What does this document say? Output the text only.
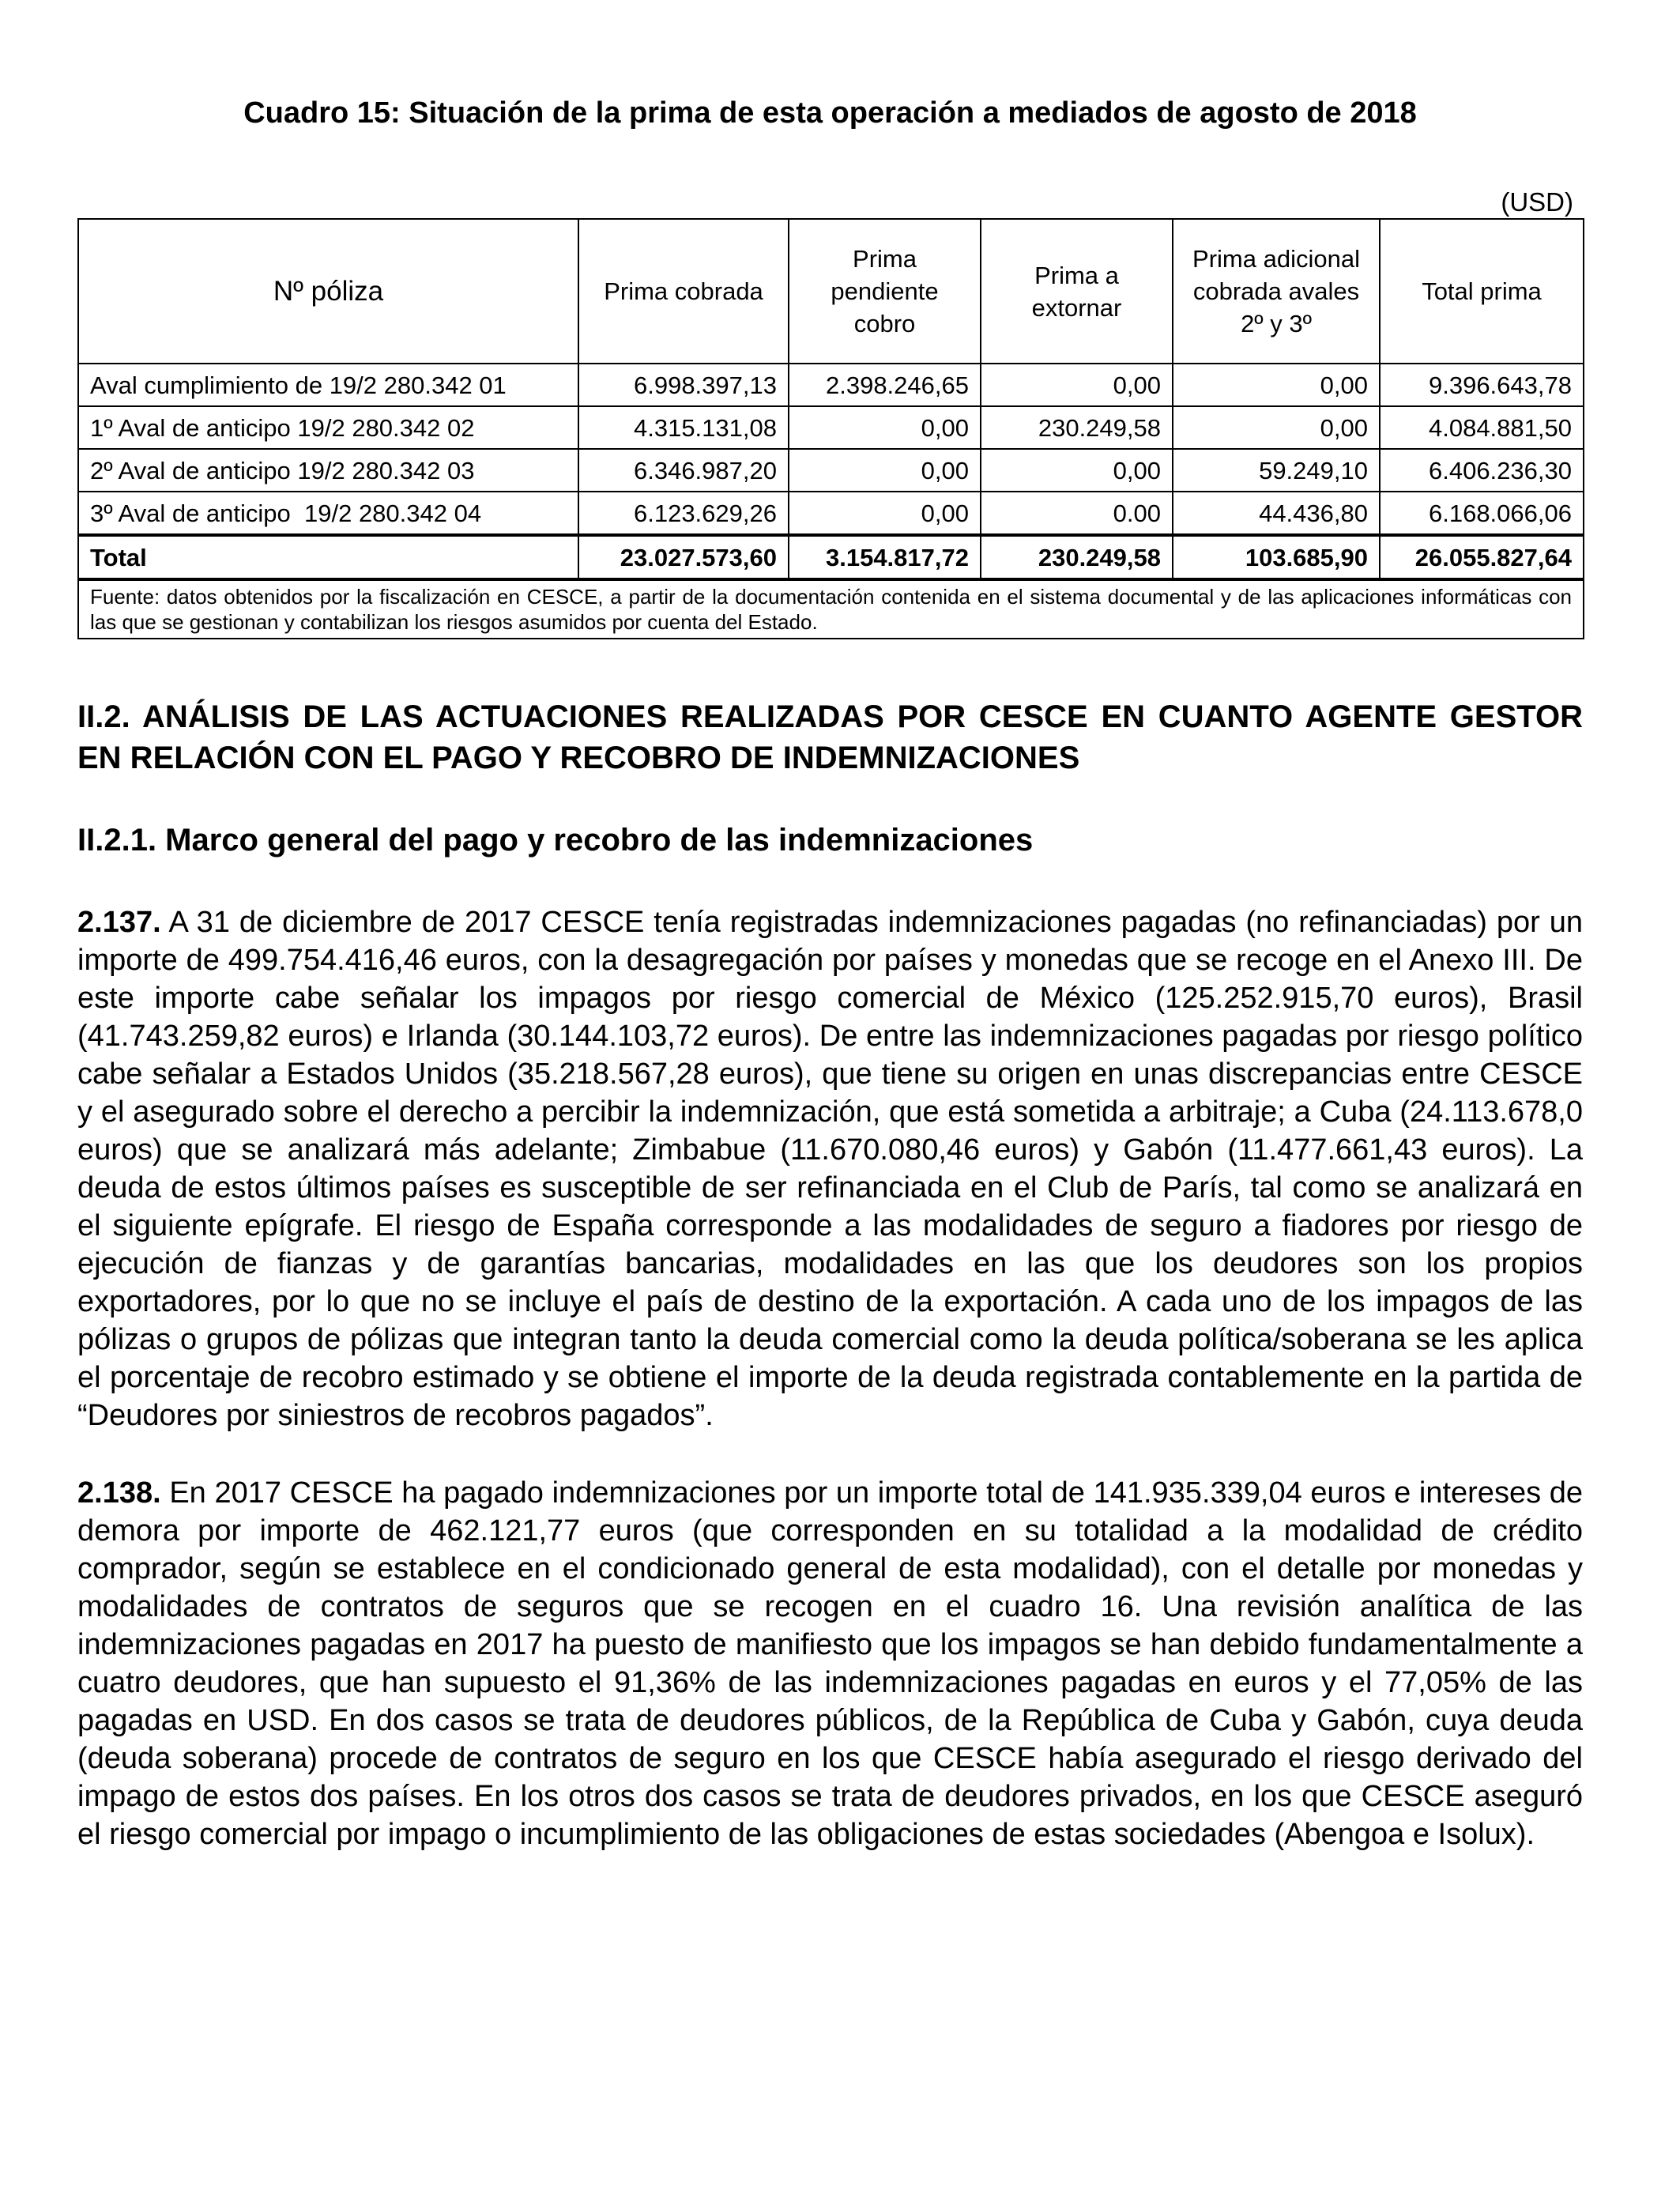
Cuadro 15: Situación de la prima de esta operación a mediados de agosto de 2018

(USD)
Nº póliza	Prima cobrada	Prima pendiente cobro	Prima a extornar	Prima adicional cobrada avales 2º y 3º	Total prima
Aval cumplimiento de 19/2 280.342 01	6.998.397,13	2.398.246,65	0,00	0,00	9.396.643,78
1º Aval de anticipo 19/2 280.342 02	4.315.131,08	0,00	230.249,58	0,00	4.084.881,50
2º Aval de anticipo 19/2 280.342 03	6.346.987,20	0,00	0,00	59.249,10	6.406.236,30
3º Aval de anticipo  19/2 280.342 04	6.123.629,26	0,00	0.00	44.436,80	6.168.066,06
Total	23.027.573,60	3.154.817,72	230.249,58	103.685,90	26.055.827,64
Fuente: datos obtenidos por la fiscalización en CESCE, a partir de la documentación contenida en el sistema documental y de las aplicaciones informáticas con las que se gestionan y contabilizan los riesgos asumidos por cuenta del Estado.					

II.2. ANÁLISIS DE LAS ACTUACIONES REALIZADAS POR CESCE EN CUANTO AGENTE GESTOR EN RELACIÓN CON EL PAGO Y RECOBRO DE INDEMNIZACIONES

II.2.1. Marco general del pago y recobro de las indemnizaciones

2.137. A 31 de diciembre de 2017 CESCE tenía registradas indemnizaciones pagadas (no refinanciadas) por un importe de 499.754.416,46 euros, con la desagregación por países y monedas que se recoge en el Anexo III. De este importe cabe señalar los impagos por riesgo comercial de México (125.252.915,70 euros), Brasil (41.743.259,82 euros) e Irlanda (30.144.103,72 euros). De entre las indemnizaciones pagadas por riesgo político cabe señalar a Estados Unidos (35.218.567,28 euros), que tiene su origen en unas discrepancias entre CESCE y el asegurado sobre el derecho a percibir la indemnización, que está sometida a arbitraje; a Cuba (24.113.678,0 euros) que se analizará más adelante; Zimbabue (11.670.080,46 euros) y Gabón (11.477.661,43 euros). La deuda de estos últimos países es susceptible de ser refinanciada en el Club de París, tal como se analizará en el siguiente epígrafe. El riesgo de España corresponde a las modalidades de seguro a fiadores por riesgo de ejecución de fianzas y de garantías bancarias, modalidades en las que los deudores son los propios exportadores, por lo que no se incluye el país de destino de la exportación. A cada uno de los impagos de las pólizas o grupos de pólizas que integran tanto la deuda comercial como la deuda política/soberana se les aplica el porcentaje de recobro estimado y se obtiene el importe de la deuda registrada contablemente en la partida de “Deudores por siniestros de recobros pagados”.

2.138. En 2017 CESCE ha pagado indemnizaciones por un importe total de 141.935.339,04 euros e intereses de demora por importe de 462.121,77 euros (que corresponden en su totalidad a la modalidad de crédito comprador, según se establece en el condicionado general de esta modalidad), con el detalle por monedas y modalidades de contratos de seguros que se recogen en el cuadro 16. Una revisión analítica de las indemnizaciones pagadas en 2017 ha puesto de manifiesto que los impagos se han debido fundamentalmente a cuatro deudores, que han supuesto el 91,36% de las indemnizaciones pagadas en euros y el 77,05% de las pagadas en USD. En dos casos se trata de deudores públicos, de la República de Cuba y Gabón, cuya deuda (deuda soberana) procede de contratos de seguro en los que CESCE había asegurado el riesgo derivado del impago de estos dos países. En los otros dos casos se trata de deudores privados, en los que CESCE aseguró el riesgo comercial por impago o incumplimiento de las obligaciones de estas sociedades (Abengoa e Isolux).
